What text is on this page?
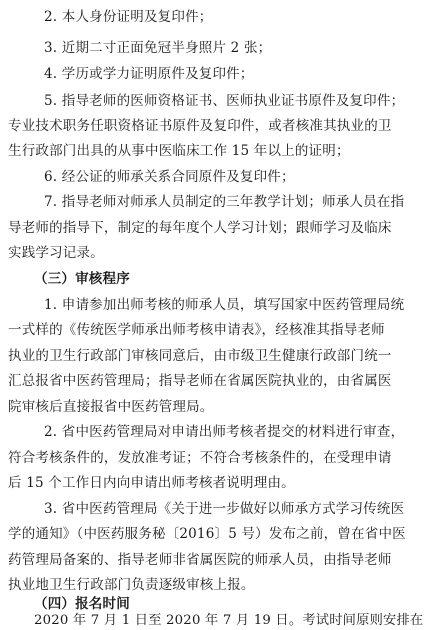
2. 本人身份证明及复印件；
3. 近期二寸正面免冠半身照片 2 张；
4. 学历或学力证明原件及复印件；
5. 指导老师的医师资格证书、医师执业证书原件及复印件；
专业技术职务任职资格证书原件及复印件，或者核准其执业的卫
生行政部门出具的从事中医临床工作 15 年以上的证明；
6. 经公证的师承关系合同原件及复印件；
7. 指导老师对师承人员制定的三年教学计划；师承人员在指
导老师的指导下，制定的每年度个人学习计划；跟师学习及临床
实践学习记录。
（三）审核程序
1. 申请参加出师考核的师承人员，填写国家中医药管理局统
一式样的《传统医学师承出师考核申请表》，经核准其指导老师
执业的卫生行政部门审核同意后，由市级卫生健康行政部门统一
汇总报省中医药管理局；指导老师在省属医院执业的，由省属医
院审核后直接报省中医药管理局。
2. 省中医药管理局对申请出师考核者提交的材料进行审查，
符合考核条件的，发放准考证；不符合考核条件的，在受理申请
后 15 个工作日内向申请出师考核者说明理由。
3. 省中医药管理局《关于进一步做好以师承方式学习传统医
学的通知》（中医药服务秘〔2016〕5 号）发布之前，曾在省中医
药管理局备案的、指导老师非省属医院的师承人员，由指导老师
执业地卫生行政部门负责逐级审核上报。
（四）报名时间
2020 年 7 月 1 日至 2020 年 7 月 19 日。考试时间原则安排在
